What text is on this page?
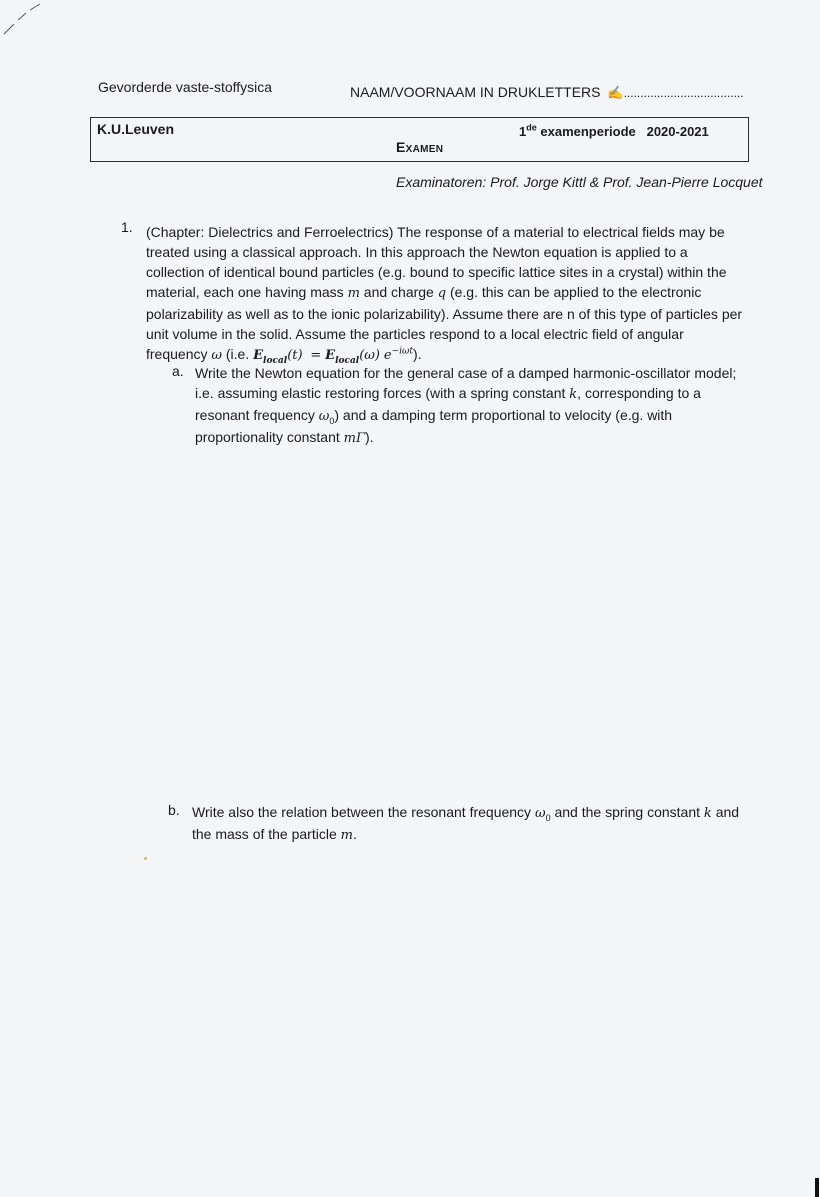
Gevorderde vaste-stoffysica	NAAM/VOORNAAM IN DRUKLETTERS ✍....................................
K.U.Leuven	1de examenperiode 2020-2021
Examen
Examinatoren: Prof. Jorge Kittl & Prof. Jean-Pierre Locquet
1. (Chapter: Dielectrics and Ferroelectrics) The response of a material to electrical fields may be treated using a classical approach. In this approach the Newton equation is applied to a collection of identical bound particles (e.g. bound to specific lattice sites in a crystal) within the material, each one having mass m and charge q (e.g. this can be applied to the electronic polarizability as well as to the ionic polarizability). Assume there are n of this type of particles per unit volume in the solid. Assume the particles respond to a local electric field of angular frequency ω (i.e. $E_{local}(t) = E_{local}(\omega)$ $e^{-i\omega t}$).
a. Write the Newton equation for the general case of a damped harmonic-oscillator model; i.e. assuming elastic restoring forces (with a spring constant k, corresponding to a resonant frequency $\omega_0$) and a damping term proportional to velocity (e.g. with proportionality constant mΓ).
b. Write also the relation between the resonant frequency $\omega_0$ and the spring constant k and the mass of the particle m.
